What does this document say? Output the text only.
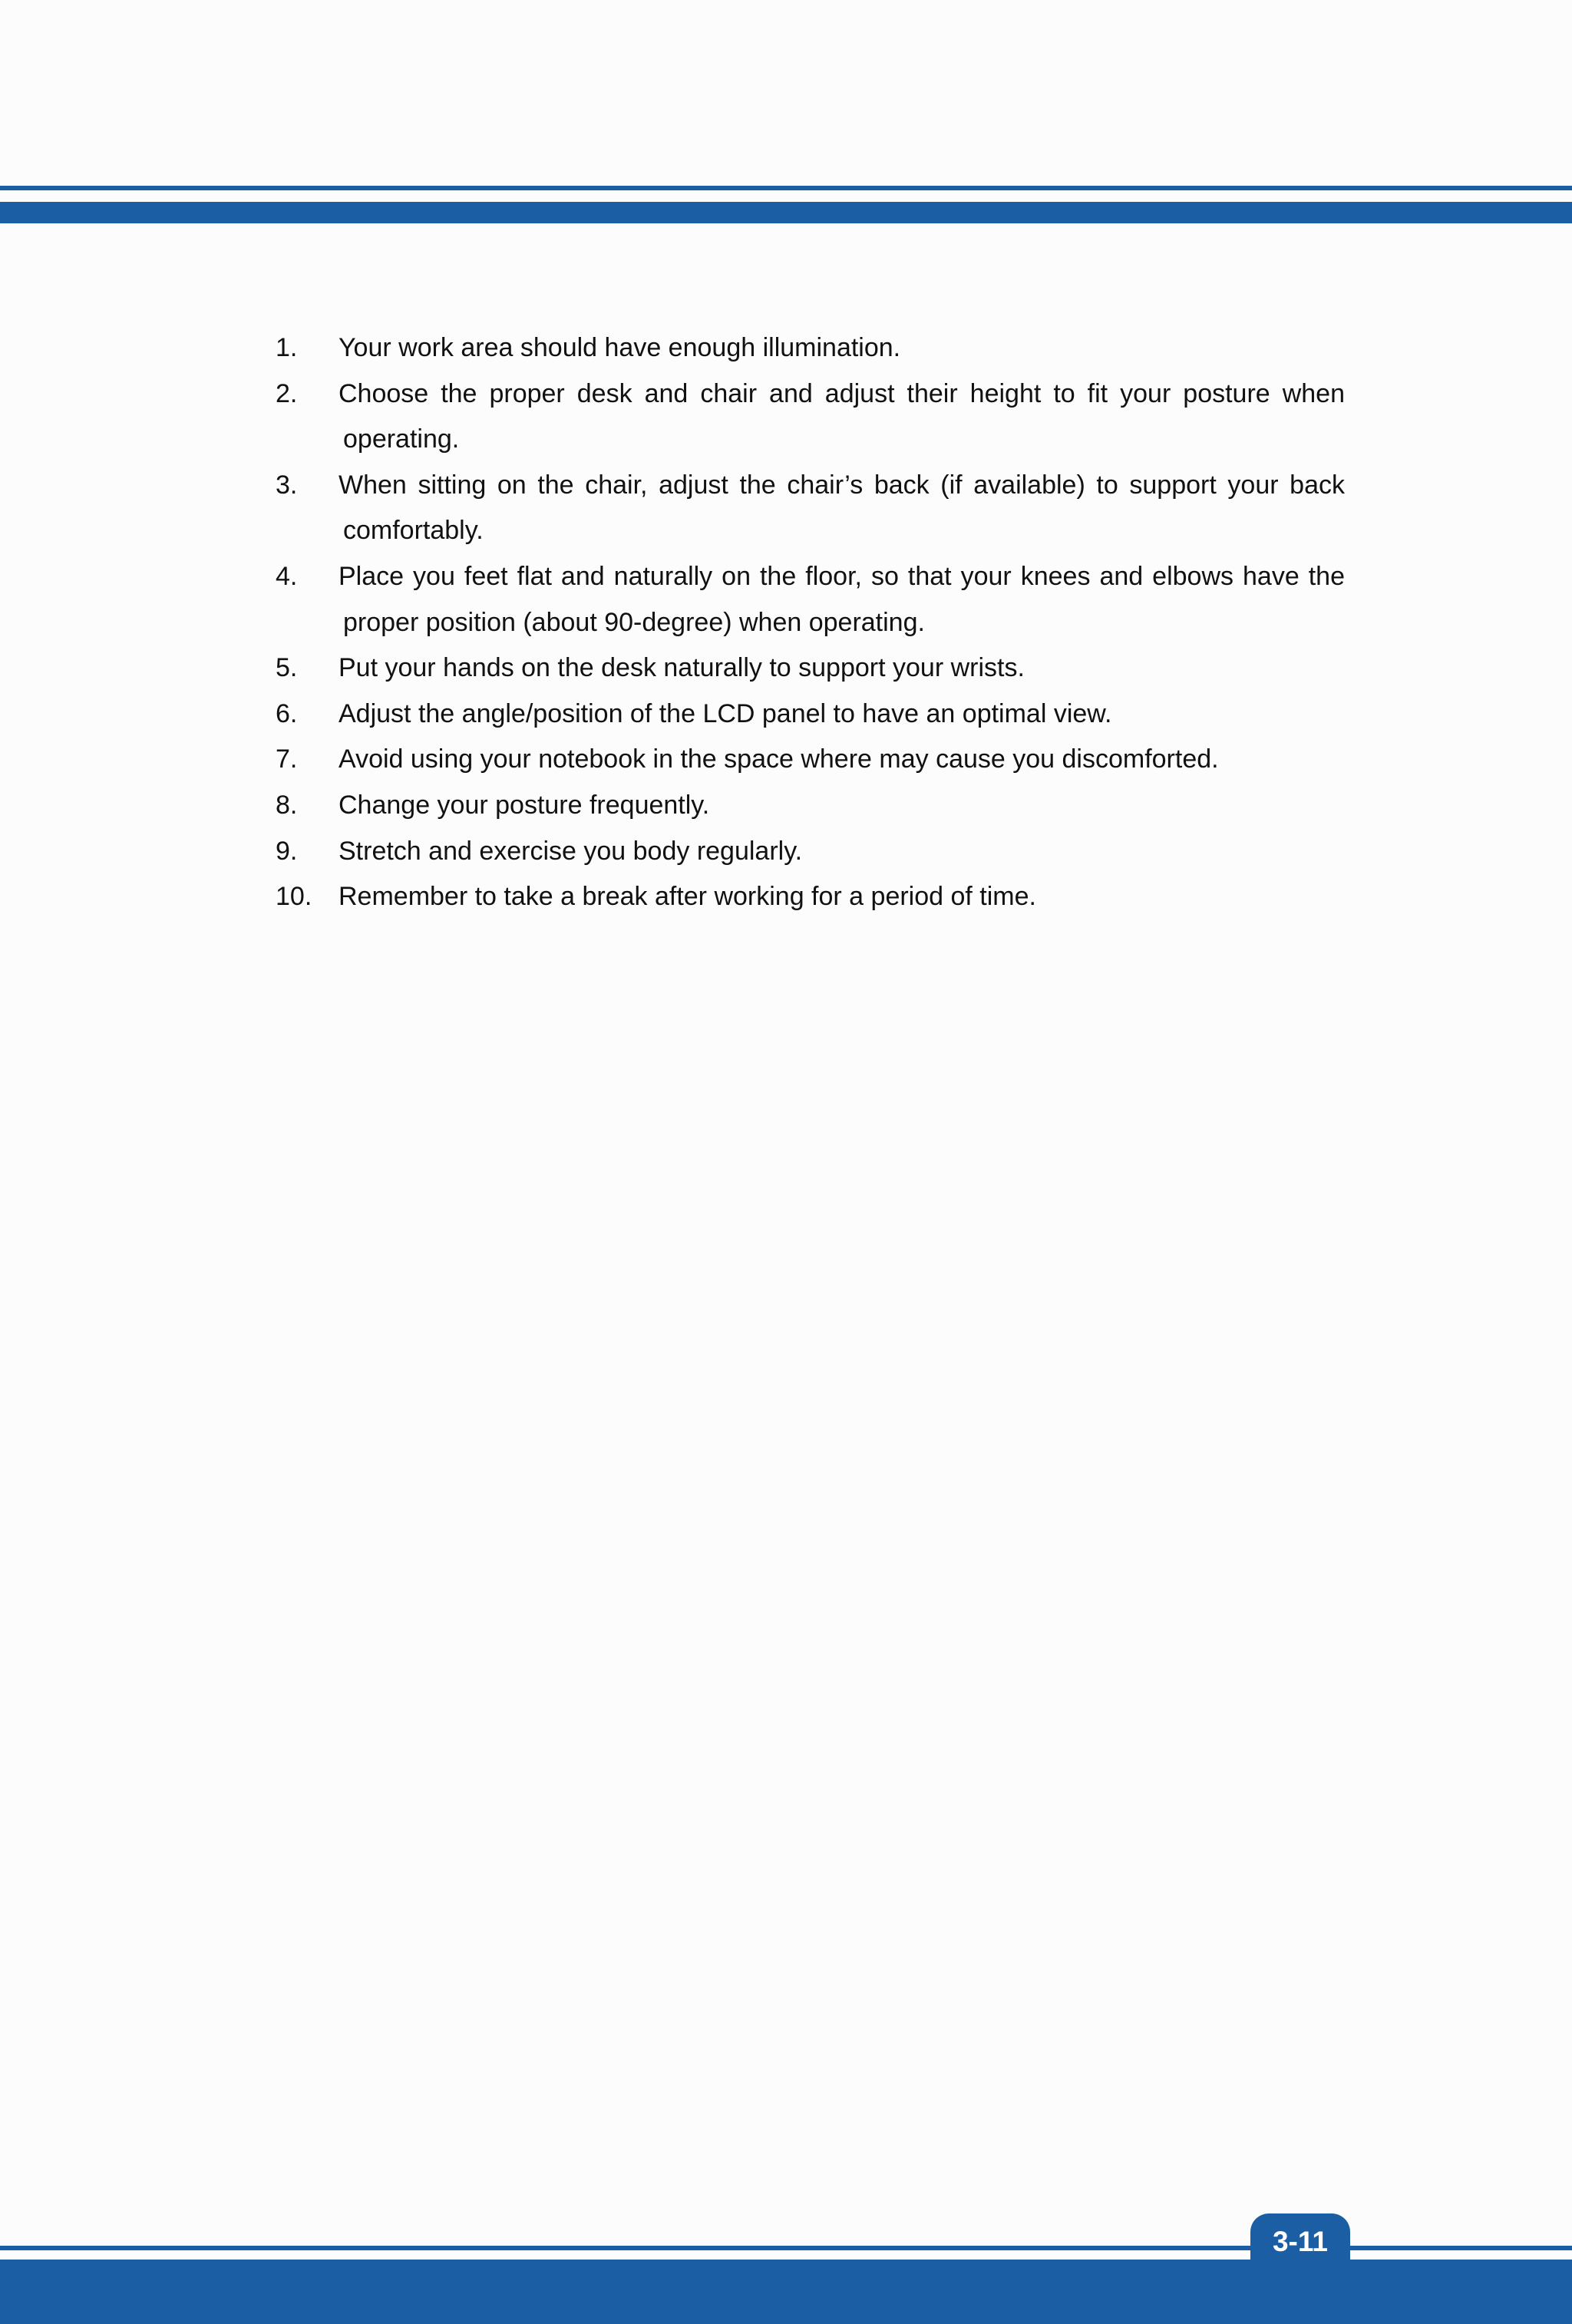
1. Your work area should have enough illumination.
2. Choose the proper desk and chair and adjust their height to fit your posture when
operating.
3. When sitting on the chair, adjust the chair’s back (if available) to support your back
comfortably.
4. Place you feet flat and naturally on the floor, so that your knees and elbows have the
proper position (about 90-degree) when operating.
5. Put your hands on the desk naturally to support your wrists.
6. Adjust the angle/position of the LCD panel to have an optimal view.
7. Avoid using your notebook in the space where may cause you discomforted.
8. Change your posture frequently.
9. Stretch and exercise you body regularly.
10. Remember to take a break after working for a period of time.
3-11
